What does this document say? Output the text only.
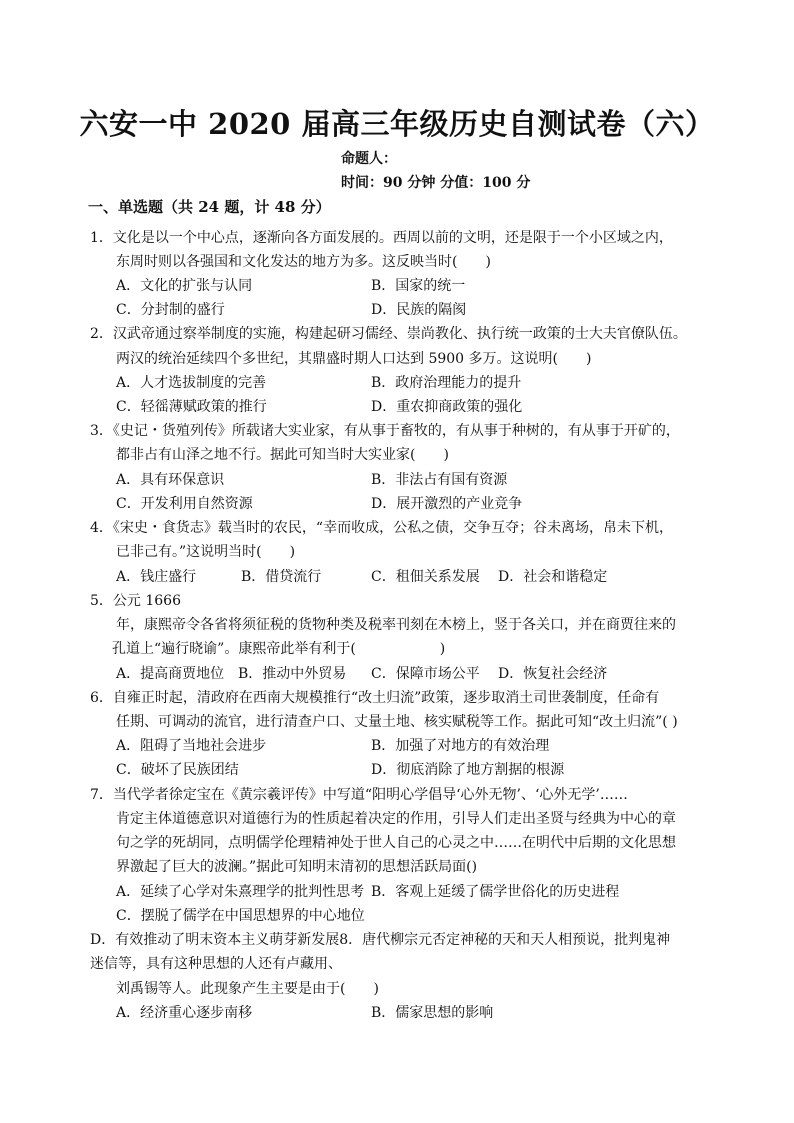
六安一中 2020 届高三年级历史自测试卷（六）
命题人：
时间：90 分钟 分值：100 分
一、单选题（共 24 题，计 48 分）
1．文化是以一个中心点，逐渐向各方面发展的。西周以前的文明，还是限于一个小区域之内，
东周时则以各强国和文化发达的地方为多。这反映当时(　　)
A．文化的扩张与认同	B．国家的统一
C．分封制的盛行	D．民族的隔阂
2．汉武帝通过察举制度的实施，构建起研习儒经、崇尚教化、执行统一政策的士大夫官僚队伍。
两汉的统治延续四个多世纪，其鼎盛时期人口达到 5900 多万。这说明(　　)
A．人才选拔制度的完善	B．政府治理能力的提升
C．轻徭薄赋政策的推行	D．重农抑商政策的强化
3．《史记・货殖列传》所载诸大实业家，有从事于畜牧的，有从事于种树的，有从事于开矿的，
都非占有山泽之地不行。据此可知当时大实业家(　　)
A．具有环保意识	B．非法占有国有资源
C．开发利用自然资源	D．展开激烈的产业竞争
4．《宋史・食货志》载当时的农民，“幸而收成，公私之债，交争互夺；谷未离场，帛未下机，
已非己有。”这说明当时(　　)
A．钱庄盛行	B．借贷流行	C．租佃关系发展 D．社会和谐稳定
5．公元 1666
年，康熙帝令各省将须征税的货物种类及税率刊刻在木榜上，竖于各关口，并在商贾往来的
孔道上“遍行晓谕”。康熙帝此举有利于(　　　　　　)
A．提高商贾地位 B．推动中外贸易 C．保障市场公平 D．恢复社会经济
6．自雍正时起，清政府在西南大规模推行“改土归流”政策，逐步取消土司世袭制度，任命有
任期、可调动的流官，进行清查户口、丈量土地、核实赋税等工作。据此可知“改土归流”( )
A．阻碍了当地社会进步	B．加强了对地方的有效治理
C．破坏了民族团结	D．彻底消除了地方割据的根源
7．当代学者徐定宝在《黄宗羲评传》中写道“阳明心学倡导‘心外无物’、‘心外无学’……
肯定主体道德意识对道德行为的性质起着决定的作用，引导人们走出圣贤与经典为中心的章
句之学的死胡同，点明儒学伦理精神处于世人自己的心灵之中……在明代中后期的文化思想
界激起了巨大的波澜。”据此可知明末清初的思想活跃局面()
A．延续了心学对朱熹理学的批判性思考 B．客观上延缓了儒学世俗化的历史进程
C．摆脱了儒学在中国思想界的中心地位
D．有效推动了明末资本主义萌芽新发展8．唐代柳宗元否定神秘的天和天人相预说，批判鬼神
迷信等，具有这种思想的人还有卢藏用、
刘禹锡等人。此现象产生主要是由于(　　)
A．经济重心逐步南移	B．儒家思想的影响
